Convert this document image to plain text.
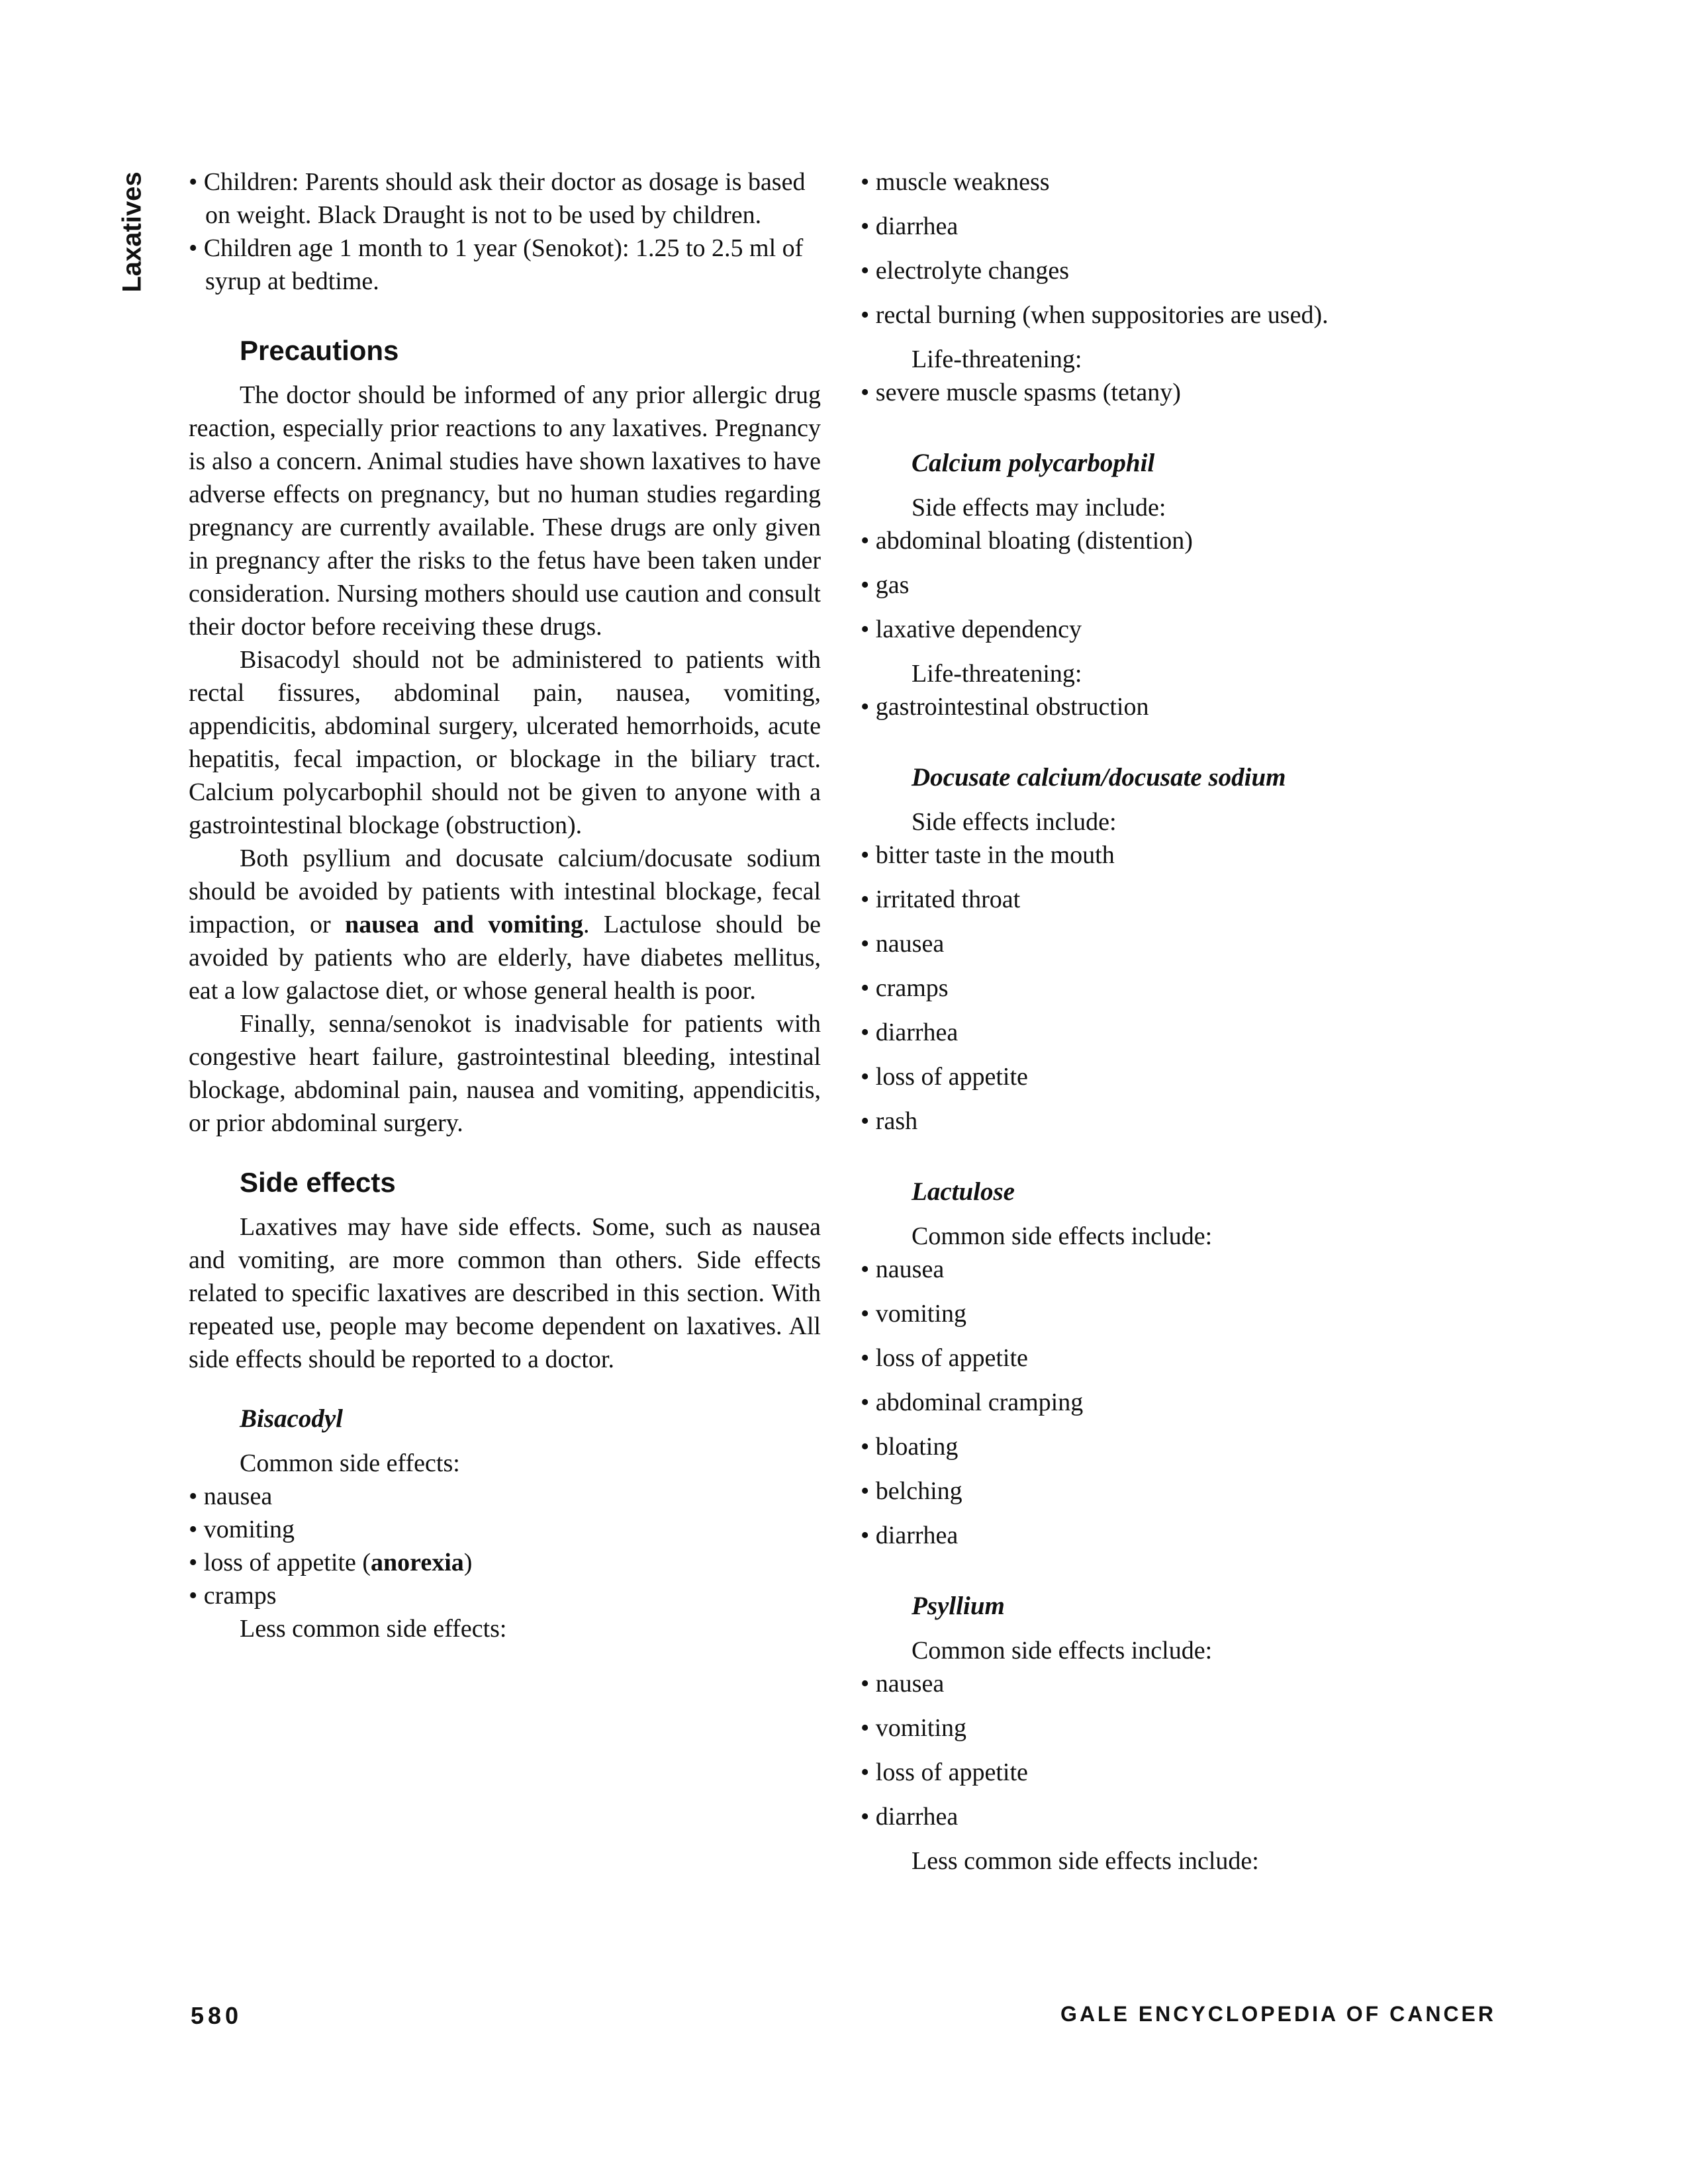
Laxatives • Children: Parents should ask their doctor as dosage is based on weight. Black Draught is not to be used by children.

• Children age 1 month to 1 year (Senokot): 1.25 to 2.5 ml of syrup at bedtime.

Precautions

The doctor should be informed of any prior allergic drug reaction, especially prior reactions to any laxatives. Pregnancy is also a concern. Animal studies have shown laxatives to have adverse effects on pregnancy, but no human studies regarding pregnancy are currently available. These drugs are only given in pregnancy after the risks to the fetus have been taken under consideration. Nursing mothers should use caution and consult their doctor before receiving these drugs.

Bisacodyl should not be administered to patients with rectal fissures, abdominal pain, nausea, vomiting, appendicitis, abdominal surgery, ulcerated hemorrhoids, acute hepatitis, fecal impaction, or blockage in the biliary tract. Calcium polycarbophil should not be given to anyone with a gastrointestinal blockage (obstruction).

Both psyllium and docusate calcium/docusate sodium should be avoided by patients with intestinal blockage, fecal impaction, or nausea and vomiting. Lactulose should be avoided by patients who are elderly, have diabetes mellitus, eat a low galactose diet, or whose general health is poor.

Finally, senna/senokot is inadvisable for patients with congestive heart failure, gastrointestinal bleeding, intestinal blockage, abdominal pain, nausea and vomiting, appendicitis, or prior abdominal surgery.

Side effects

Laxatives may have side effects. Some, such as nausea and vomiting, are more common than others. Side effects related to specific laxatives are described in this section. With repeated use, people may become dependent on laxatives. All side effects should be reported to a doctor.

Bisacodyl

Common side effects:

• nausea

• vomiting

• loss of appetite (anorexia)

• cramps

Less common side effects:

• muscle weakness

• diarrhea

• electrolyte changes

• rectal burning (when suppositories are used).

Life-threatening:

• severe muscle spasms (tetany)

Calcium polycarbophil

Side effects may include:

• abdominal bloating (distention)

• gas

• laxative dependency

Life-threatening:

• gastrointestinal obstruction

Docusate calcium/docusate sodium

Side effects include:

• bitter taste in the mouth

• irritated throat

• nausea

• cramps

• diarrhea

• loss of appetite

• rash

Lactulose

Common side effects include:

• nausea

• vomiting

• loss of appetite

• abdominal cramping

• bloating

• belching

• diarrhea

Psyllium

Common side effects include:

• nausea

• vomiting

• loss of appetite

• diarrhea

Less common side effects include:

580	GALE ENCYCLOPEDIA OF CANCER
